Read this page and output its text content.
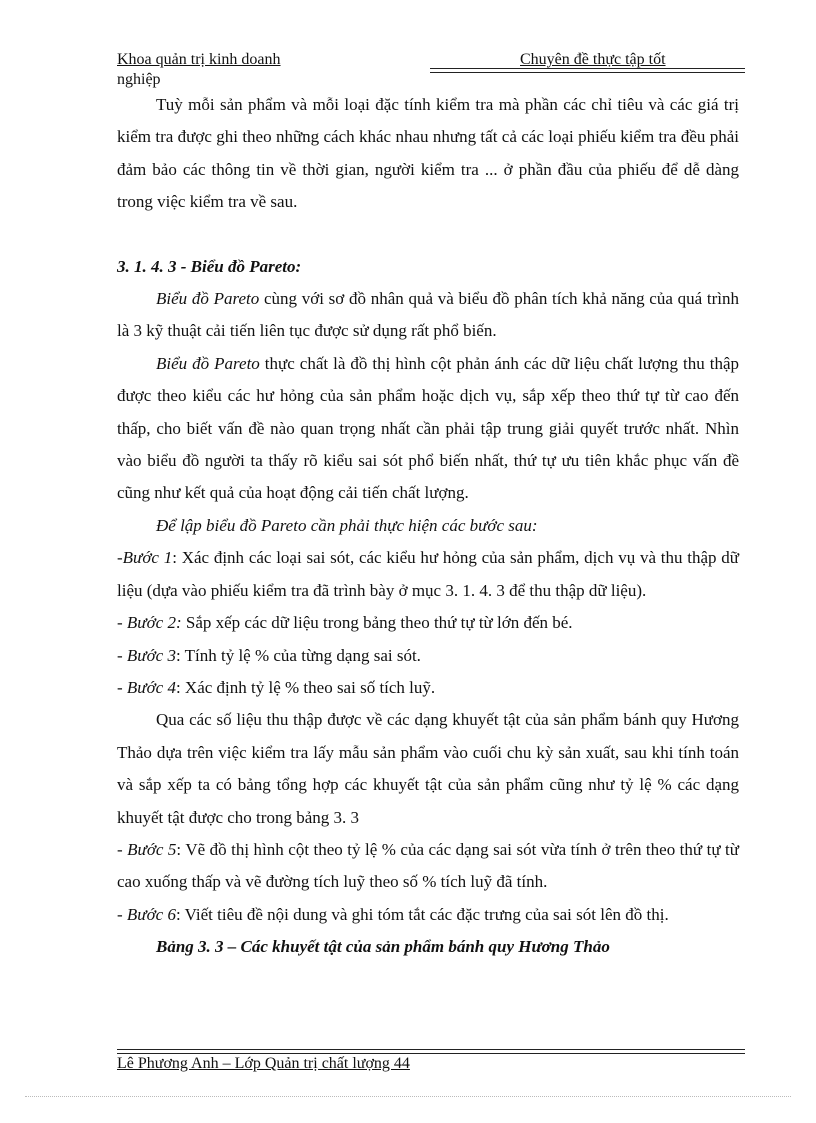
Khoa quản trị kinh doanh	Chuyên đề thực tập tốt
nghiệp

Tuỳ mỗi sản phẩm và mỗi loại đặc tính kiểm tra mà phần các chỉ tiêu và các giá trị kiểm tra được ghi theo những cách khác nhau nhưng tất cả các loại phiếu kiểm tra đều phải đảm bảo các thông tin về thời gian, người kiểm tra ... ở phần đầu của phiếu để dễ dàng trong việc kiểm tra về sau.

3. 1. 4. 3 - Biểu đồ Pareto:

Biểu đồ Pareto cùng với sơ đồ nhân quả và biểu đồ phân tích khả năng của quá trình là 3 kỹ thuật cải tiến liên tục được sử dụng rất phổ biến.

Biểu đồ Pareto thực chất là đồ thị hình cột phản ánh các dữ liệu chất lượng thu thập được theo kiểu các hư hỏng của sản phẩm hoặc dịch vụ, sắp xếp theo thứ tự từ cao đến thấp, cho biết vấn đề nào quan trọng nhất cần phải tập trung giải quyết trước nhất. Nhìn vào biểu đồ người ta thấy rõ kiểu sai sót phổ biến nhất, thứ tự ưu tiên khắc phục vấn đề cũng như kết quả của hoạt động cải tiến chất lượng.

Để lập biểu đồ Pareto cần phải thực hiện các bước sau:

-Bước 1: Xác định các loại sai sót, các kiểu hư hỏng của sản phẩm, dịch vụ và thu thập dữ liệu (dựa vào phiếu kiểm tra đã trình bày ở mục 3. 1. 4. 3 để thu thập dữ liệu).

- Bước 2: Sắp xếp các dữ liệu trong bảng theo thứ tự từ lớn đến bé.

- Bước 3: Tính tỷ lệ % của từng dạng sai sót.

- Bước 4: Xác định tỷ lệ % theo sai số tích luỹ.

Qua các số liệu thu thập được về các dạng khuyết tật của sản phẩm bánh quy Hương Thảo dựa trên việc kiểm tra lấy mẫu sản phẩm vào cuối chu kỳ sản xuất, sau khi tính toán và sắp xếp ta có bảng tổng hợp các khuyết tật của sản phẩm cũng như tỷ lệ % các dạng khuyết tật được cho trong bảng 3. 3

- Bước 5: Vẽ đồ thị hình cột theo tỷ lệ % của các dạng sai sót vừa tính ở trên theo thứ tự từ cao xuống thấp và vẽ đường tích luỹ theo số % tích luỹ đã tính.

- Bước 6: Viết tiêu đề nội dung và ghi tóm tắt các đặc trưng của sai sót lên đồ thị.

Bảng 3. 3 – Các khuyết tật của sản phẩm bánh quy Hương Thảo

Lê Phương Anh – Lớp Quản trị chất lượng 44
